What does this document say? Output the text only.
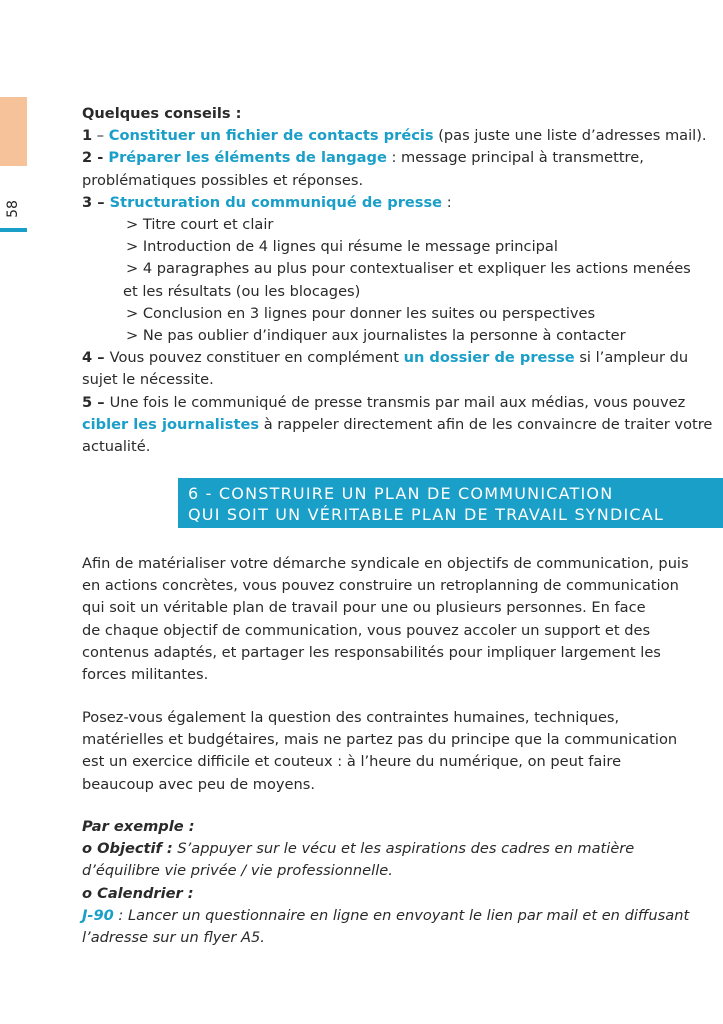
58
Quelques conseils :
1 – Constituer un fichier de contacts précis (pas juste une liste d’adresses mail).
2 - Préparer les éléments de langage : message principal à transmettre,
problématiques possibles et réponses.
3 – Structuration du communiqué de presse :
> Titre court et clair
> Introduction de 4 lignes qui résume le message principal
> 4 paragraphes au plus pour contextualiser et expliquer les actions menées
et les résultats (ou les blocages)
> Conclusion en 3 lignes pour donner les suites ou perspectives
> Ne pas oublier d’indiquer aux journalistes la personne à contacter
4 – Vous pouvez constituer en complément un dossier de presse si l’ampleur du
sujet le nécessite.
5 – Une fois le communiqué de presse transmis par mail aux médias, vous pouvez
cibler les journalistes à rappeler directement afin de les convaincre de traiter votre
actualité.
6 - CONSTRUIRE UN PLAN DE COMMUNICATION
QUI SOIT UN VÉRITABLE PLAN DE TRAVAIL SYNDICAL
Afin de matérialiser votre démarche syndicale en objectifs de communication, puis
en actions concrètes, vous pouvez construire un retroplanning de communication
qui soit un véritable plan de travail pour une ou plusieurs personnes. En face
de chaque objectif de communication, vous pouvez accoler un support et des
contenus adaptés, et partager les responsabilités pour impliquer largement les
forces militantes.
Posez-vous également la question des contraintes humaines, techniques,
matérielles et budgétaires, mais ne partez pas du principe que la communication
est un exercice difficile et couteux : à l’heure du numérique, on peut faire
beaucoup avec peu de moyens.
Par exemple :
o Objectif : S’appuyer sur le vécu et les aspirations des cadres en matière
d’équilibre vie privée / vie professionnelle.
o Calendrier :
J-90 : Lancer un questionnaire en ligne en envoyant le lien par mail et en diffusant
l’adresse sur un flyer A5.
